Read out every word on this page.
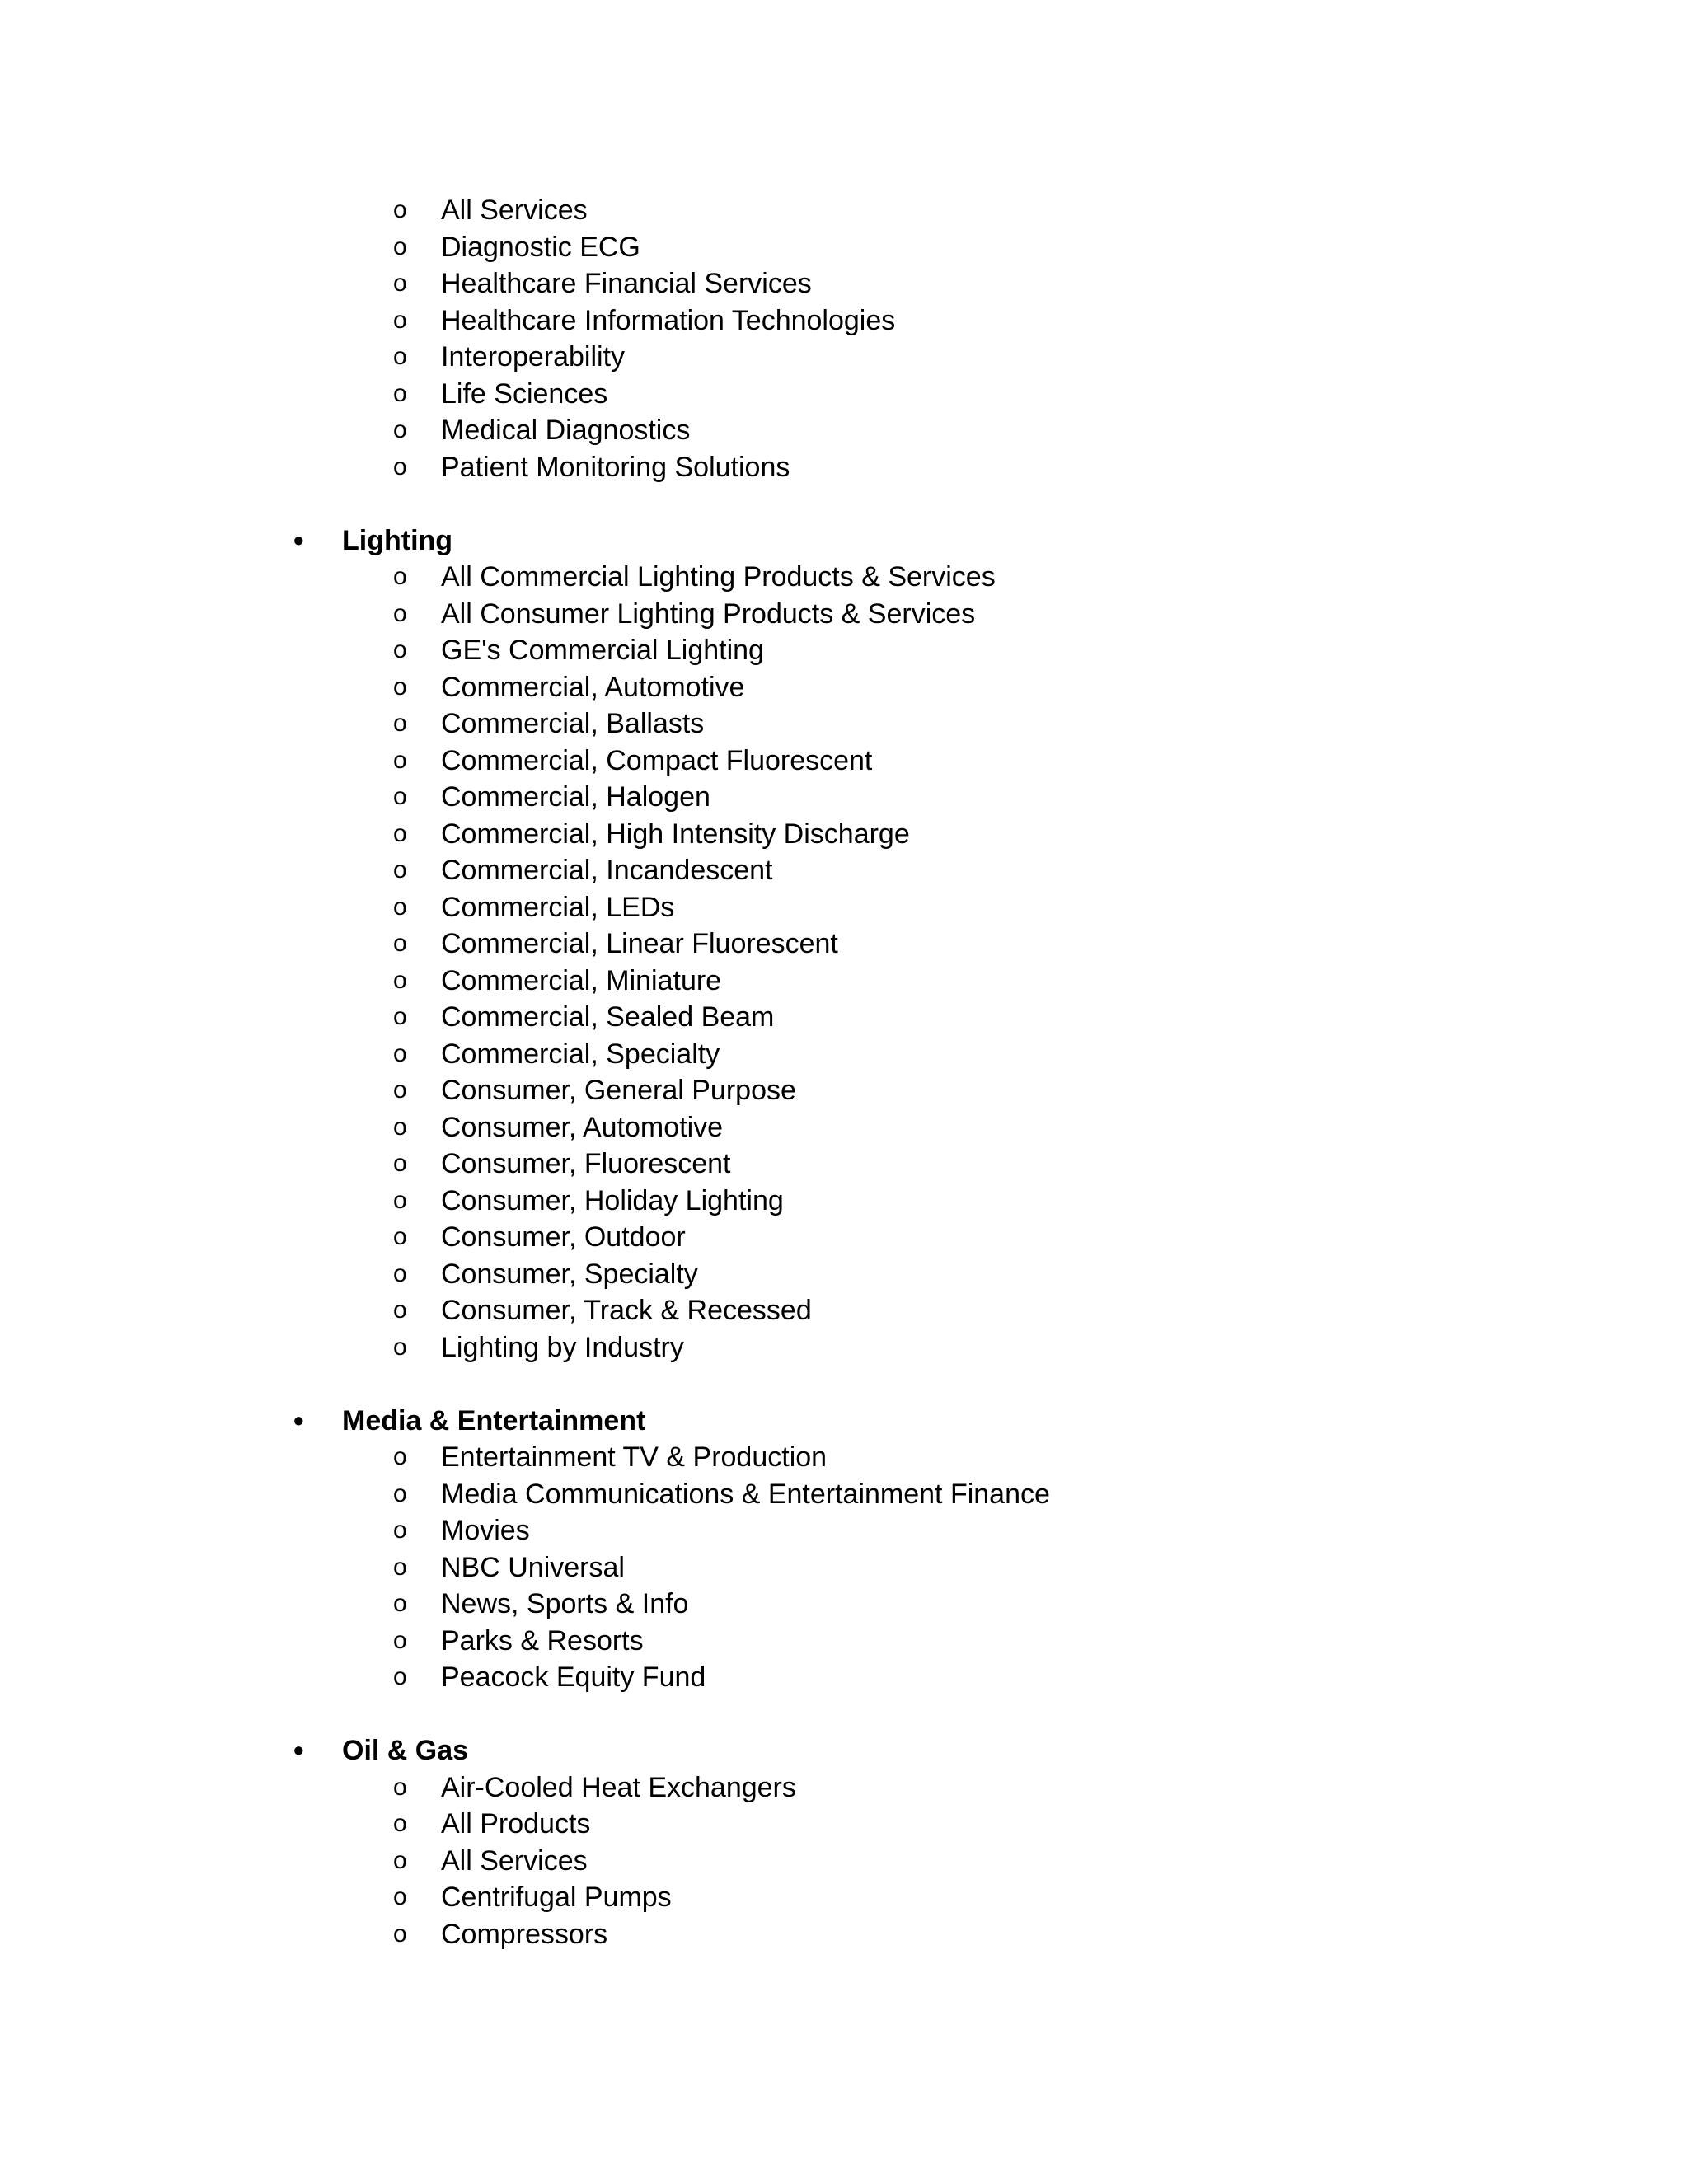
o All Services
o Diagnostic ECG
o Healthcare Financial Services
o Healthcare Information Technologies
o Interoperability
o Life Sciences
o Medical Diagnostics
o Patient Monitoring Solutions
• Lighting
o All Commercial Lighting Products & Services
o All Consumer Lighting Products & Services
o GE's Commercial Lighting
o Commercial, Automotive
o Commercial, Ballasts
o Commercial, Compact Fluorescent
o Commercial, Halogen
o Commercial, High Intensity Discharge
o Commercial, Incandescent
o Commercial, LEDs
o Commercial, Linear Fluorescent
o Commercial, Miniature
o Commercial, Sealed Beam
o Commercial, Specialty
o Consumer, General Purpose
o Consumer, Automotive
o Consumer, Fluorescent
o Consumer, Holiday Lighting
o Consumer, Outdoor
o Consumer, Specialty
o Consumer, Track & Recessed
o Lighting by Industry
• Media & Entertainment
o Entertainment TV & Production
o Media Communications & Entertainment Finance
o Movies
o NBC Universal
o News, Sports & Info
o Parks & Resorts
o Peacock Equity Fund
• Oil & Gas
o Air-Cooled Heat Exchangers
o All Products
o All Services
o Centrifugal Pumps
o Compressors
